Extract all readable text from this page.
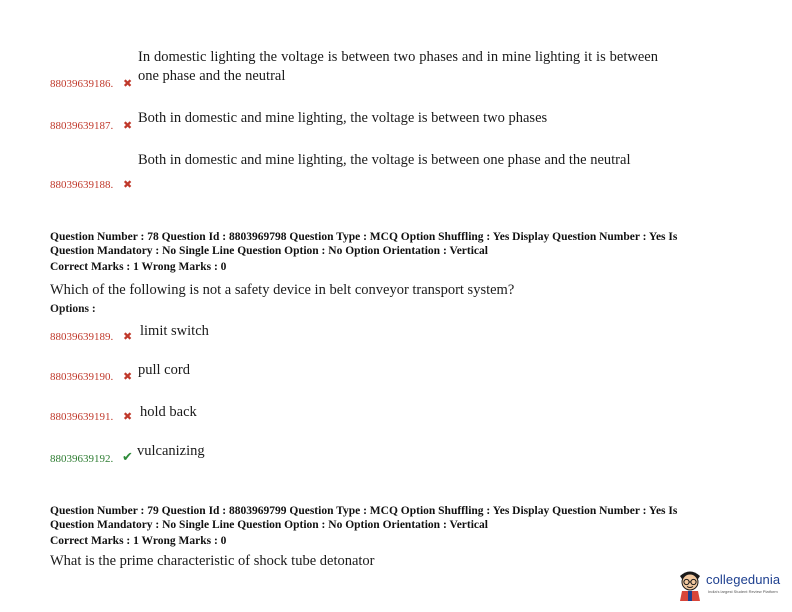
In domestic lighting the voltage is between two phases and in mine lighting it is between one phase and the neutral
88039639186. ✖
Both in domestic and mine lighting, the voltage is between two phases
88039639187. ✖
Both in domestic and mine lighting, the voltage is between one phase and the neutral
88039639188. ✖
Question Number : 78 Question Id : 8803969798 Question Type : MCQ Option Shuffling : Yes Display Question Number : Yes Is
Question Mandatory : No Single Line Question Option : No Option Orientation : Vertical
Correct Marks : 1 Wrong Marks : 0
Which of the following is not a safety device in belt conveyor transport system?
Options :
88039639189. ✖ limit switch
88039639190. ✖ pull cord
88039639191. ✖ hold back
88039639192. ✔ vulcanizing
Question Number : 79 Question Id : 8803969799 Question Type : MCQ Option Shuffling : Yes Display Question Number : Yes Is
Question Mandatory : No Single Line Question Option : No Option Orientation : Vertical
Correct Marks : 1 Wrong Marks : 0
What is the prime characteristic of shock tube detonator
collegedunia
India's largest Student Review Platform
